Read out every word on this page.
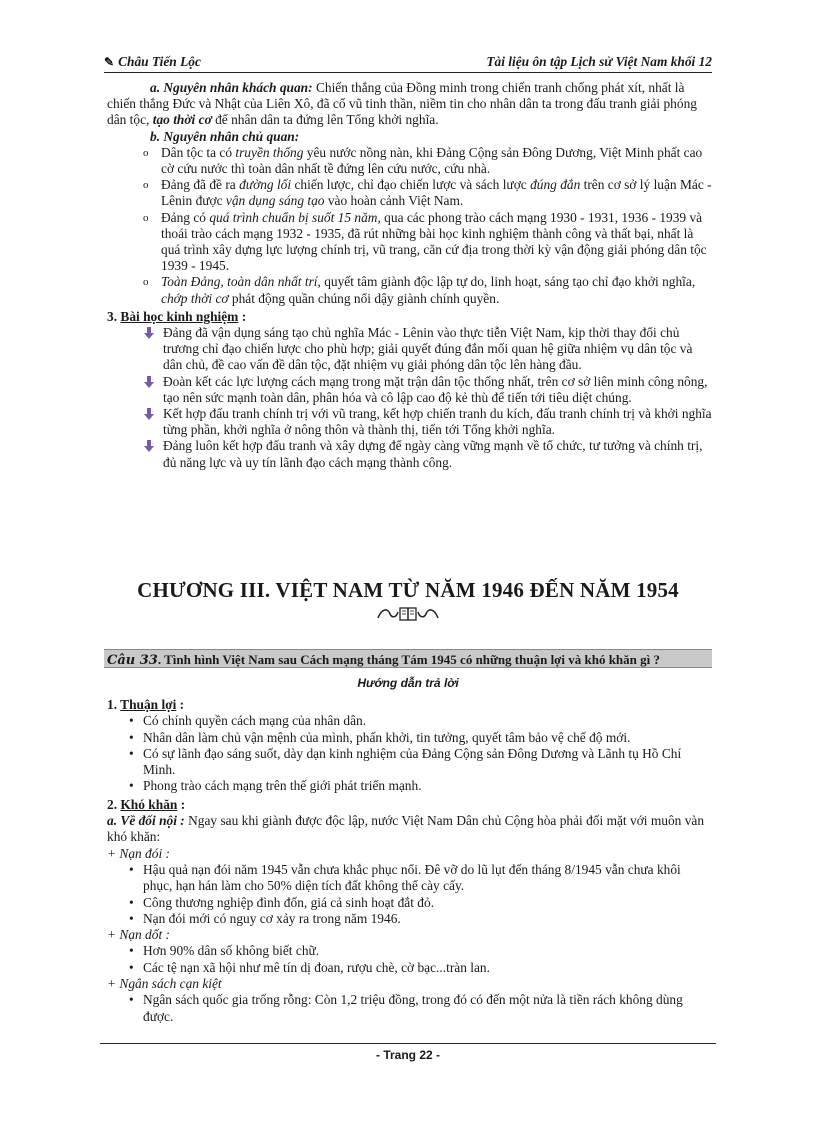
✎ Châu Tiến Lộc	Tài liệu ôn tập Lịch sử Việt Nam khối 12

a. Nguyên nhân khách quan: Chiến thắng của Đồng minh trong chiến tranh chống phát xít, nhất là chiến thắng Đức và Nhật của Liên Xô, đã cổ vũ tinh thần, niềm tin cho nhân dân ta trong đấu tranh giải phóng dân tộc, tạo thời cơ để nhân dân ta đứng lên Tổng khởi nghĩa.

b. Nguyên nhân chủ quan:

o Dân tộc ta có truyền thống yêu nước nồng nàn, khi Đảng Cộng sản Đông Dương, Việt Minh phất cao cờ cứu nước thì toàn dân nhất tề đứng lên cứu nước, cứu nhà.
o Đảng đã đề ra đường lối chiến lược, chỉ đạo chiến lược và sách lược đúng đắn trên cơ sở lý luận Mác - Lênin được vận dụng sáng tạo vào hoàn cảnh Việt Nam.
o Đảng có quá trình chuẩn bị suốt 15 năm, qua các phong trào cách mạng 1930 - 1931, 1936 - 1939 và thoái trào cách mạng 1932 - 1935, đã rút những bài học kinh nghiệm thành công và thất bại, nhất là quá trình xây dựng lực lượng chính trị, vũ trang, căn cứ địa trong thời kỳ vận động giải phóng dân tộc 1939 - 1945.
o Toàn Đảng, toàn dân nhất trí, quyết tâm giành độc lập tự do, linh hoạt, sáng tạo chỉ đạo khởi nghĩa, chớp thời cơ phát động quần chúng nổi dậy giành chính quyền.

3. Bài học kinh nghiệm :

Đảng đã vận dụng sáng tạo chủ nghĩa Mác - Lênin vào thực tiễn Việt Nam, kịp thời thay đổi chủ trương chỉ đạo chiến lược cho phù hợp; giải quyết đúng đắn mối quan hệ giữa nhiệm vụ dân tộc và dân chủ, đề cao vấn đề dân tộc, đặt nhiệm vụ giải phóng dân tộc lên hàng đầu.
Đoàn kết các lực lượng cách mạng trong mặt trận dân tộc thống nhất, trên cơ sở liên minh công nông, tạo nên sức mạnh toàn dân, phân hóa và cô lập cao độ kẻ thù để tiến tới tiêu diệt chúng.
Kết hợp đấu tranh chính trị với vũ trang, kết hợp chiến tranh du kích, đấu tranh chính trị và khởi nghĩa từng phần, khởi nghĩa ở nông thôn và thành thị, tiến tới Tổng khởi nghĩa.
Đảng luôn kết hợp đấu tranh và xây dựng để ngày càng vững mạnh về tổ chức, tư tưởng và chính trị, đủ năng lực và uy tín lãnh đạo cách mạng thành công.
CHƯƠNG III. VIỆT NAM TỪ NĂM 1946 ĐẾN NĂM 1954
Câu 33. Tình hình Việt Nam sau Cách mạng tháng Tám 1945 có những thuận lợi và khó khăn gì ?
Hướng dẫn trả lời

1. Thuận lợi :

• Có chính quyền cách mạng của nhân dân.
• Nhân dân làm chủ vận mệnh của mình, phấn khởi, tin tưởng, quyết tâm bảo vệ chế độ mới.
• Có sự lãnh đạo sáng suốt, dày dạn kinh nghiệm của Đảng Cộng sản Đông Dương và Lãnh tụ Hồ Chí Minh.
• Phong trào cách mạng trên thế giới phát triển mạnh.

2. Khó khăn :

a. Về đối nội : Ngay sau khi giành được độc lập, nước Việt Nam Dân chủ Cộng hòa phải đối mặt với muôn vàn khó khăn:

+ Nạn đói :

• Hậu quả nạn đói năm 1945 vẫn chưa khắc phục nổi. Đê vỡ do lũ lụt đến tháng 8/1945 vẫn chưa khôi phục, hạn hán làm cho 50% diện tích đất không thể cày cấy.
• Công thương nghiệp đình đốn, giá cả sinh hoạt đắt đỏ.
• Nạn đói mới có nguy cơ xảy ra trong năm 1946.

+ Nạn dốt :

• Hơn 90% dân số không biết chữ.
• Các tệ nạn xã hội như mê tín dị đoan, rượu chè, cờ bạc...tràn lan.

+ Ngân sách cạn kiệt

• Ngân sách quốc gia trống rỗng: Còn 1,2 triệu đồng, trong đó có đến một nửa là tiền rách không dùng được.
- Trang 22 -
